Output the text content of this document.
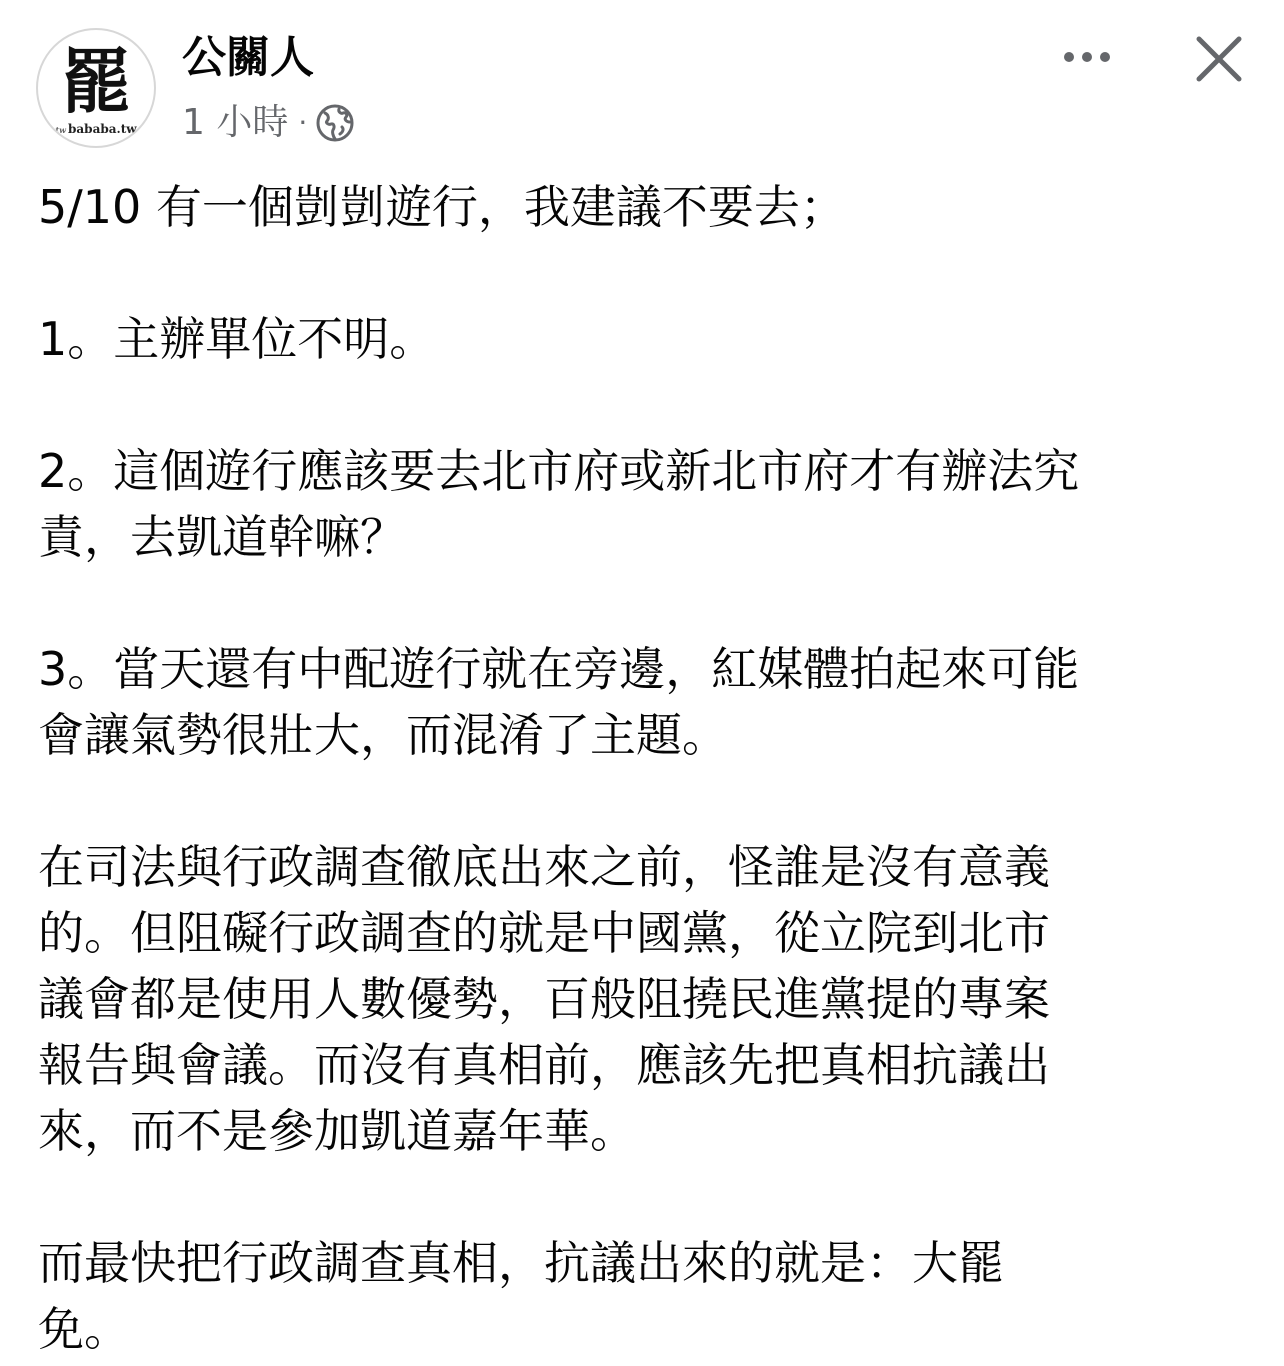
罷
tw bababa.tw
公關人
1 小時 ·
5/10 有一個剴剴遊行，我建議不要去；
1。主辦單位不明。
2。這個遊行應該要去北市府或新北市府才有辦法究
責，去凱道幹嘛？
3。當天還有中配遊行就在旁邊，紅媒體拍起來可能
會讓氣勢很壯大，而混淆了主題。
在司法與行政調查徹底出來之前，怪誰是沒有意義
的。但阻礙行政調查的就是中國黨，從立院到北市
議會都是使用人數優勢，百般阻撓民進黨提的專案
報告與會議。而沒有真相前，應該先把真相抗議出
來，而不是參加凱道嘉年華。
而最快把行政調查真相，抗議出來的就是：大罷
免。
